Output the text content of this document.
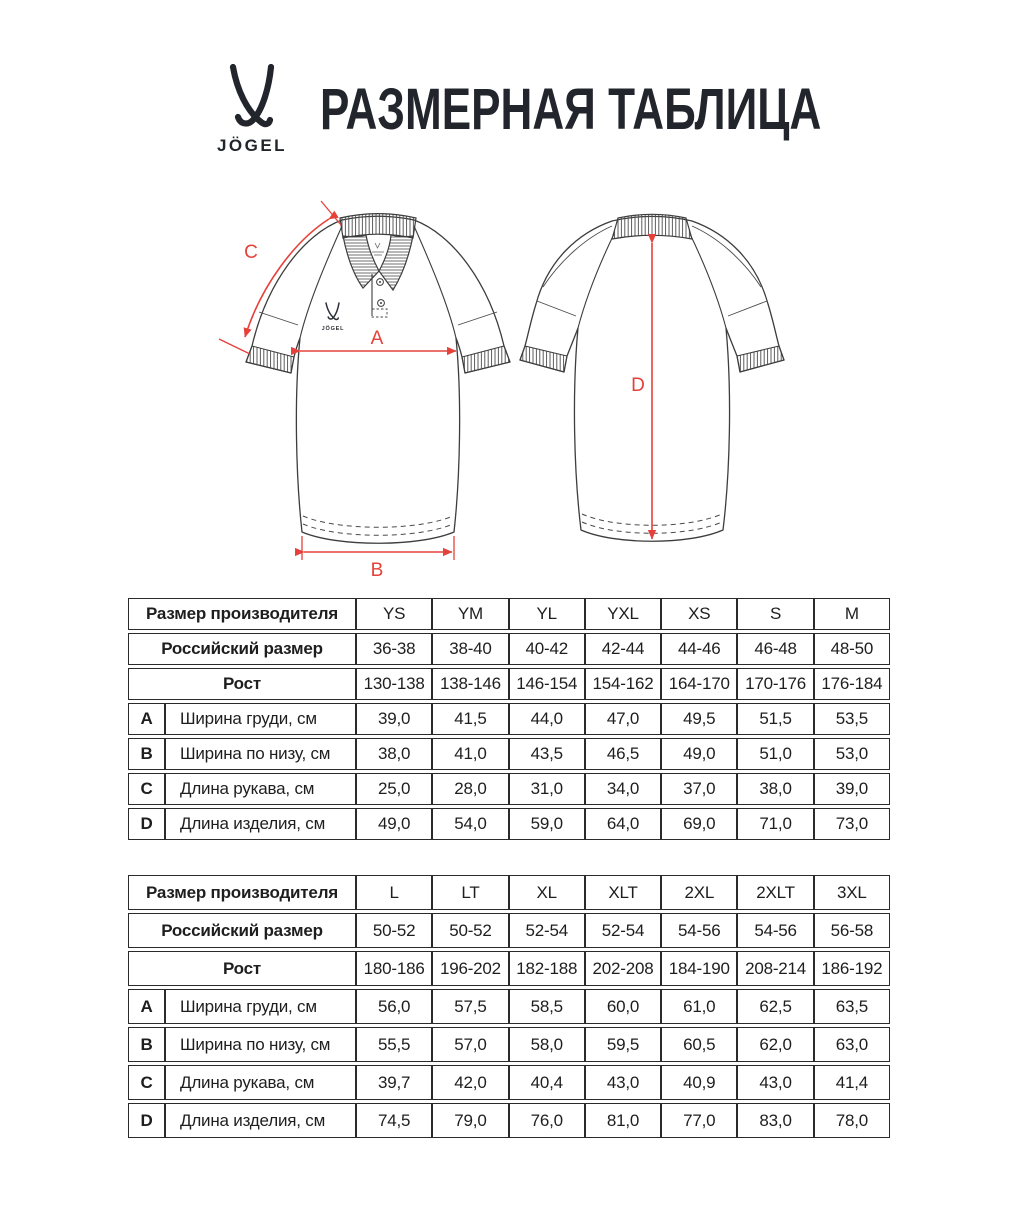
JÖGEL
РАЗМЕРНАЯ ТАБЛИЦА
JÖGEL A
B
C
D
Размер производителя		YS	YM	YL	YXL	XS	S	M
Российский размер		36-38	38-40	40-42	42-44	44-46	46-48	48-50
Рост		130-138	138-146	146-154	154-162	164-170	170-176	176-184
A	Ширина груди, см	39,0	41,5	44,0	47,0	49,5	51,5	53,5
B	Ширина по низу, см	38,0	41,0	43,5	46,5	49,0	51,0	53,0
C	Длина рукава, см	25,0	28,0	31,0	34,0	37,0	38,0	39,0
D	Длина изделия, см	49,0	54,0	59,0	64,0	69,0	71,0	73,0
Размер производителя		L	LT	XL	XLT	2XL	2XLT	3XL
Российский размер		50-52	50-52	52-54	52-54	54-56	54-56	56-58
Рост		180-186	196-202	182-188	202-208	184-190	208-214	186-192
A	Ширина груди, см	56,0	57,5	58,5	60,0	61,0	62,5	63,5
B	Ширина по низу, см	55,5	57,0	58,0	59,5	60,5	62,0	63,0
C	Длина рукава, см	39,7	42,0	40,4	43,0	40,9	43,0	41,4
D	Длина изделия, см	74,5	79,0	76,0	81,0	77,0	83,0	78,0
